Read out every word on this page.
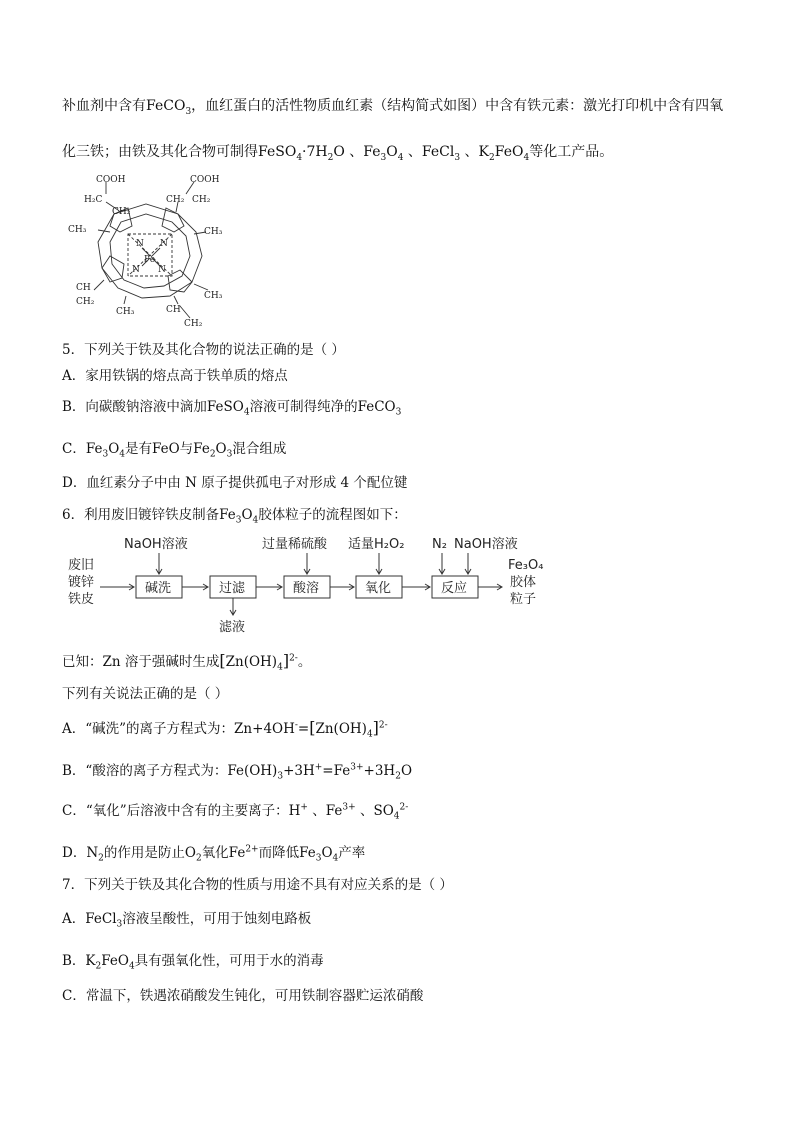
补血剂中含有FeCO$_3$，血红蛋白的活性物质血红素（结构简式如图）中含有铁元素：激光打印机中含有四氧
化三铁；由铁及其化合物可制得$FeSO_4\cdot 7H_2O$ 、$Fe_3O_4$ 、FeCl$_3$ 、$K_2FeO_4$等化工产品。
COOH	COOH
H₂C
CH₂
CH₂ CH₂
CH₃	CH₃
CH₃
CH₃
N N
N N
Fe
CH
CH₂
CH
CH₂
5．下列关于铁及其化合物的说法正确的是（ ）
A．家用铁锅的熔点高于铁单质的熔点
B．向碳酸钠溶液中滴加FeSO$_4$溶液可制得纯净的FeCO$_3$
C．$Fe_3O_4$是有FeO与$Fe_2O_3$混合组成
D．血红素分子中由 N 原子提供孤电子对形成 4 个配位键
6．利用废旧镀锌铁皮制备$Fe_3O_4$胶体粒子的流程图如下：
废旧
镀锌
铁皮
碱洗	过滤	酸溶	氧化	反应
NaOH溶液	过量稀硫酸 适量H₂O₂ N₂ NaOH溶液
滤液
Fe₃O₄
胶体
粒子
已知：Zn 溶于强碱时生成$[Zn(OH)_4]^{2-}$。
下列有关说法正确的是（ ）
A．“碱洗”的离子方程式为：$Zn+4OH^-=[Zn(OH)_4]^{2-}$
B．“酸溶的离子方程式为：$Fe(OH)_3+3H^+=Fe^{3+}+3H_2O$
C．“氧化”后溶液中含有的主要离子：H+ 、$Fe^{3+}$ 、$SO_4^{2-}$
D．$N_2$的作用是防止$O_2$氧化$Fe^{2+}$而降低$Fe_3O_4$产率
7．下列关于铁及其化合物的性质与用途不具有对应关系的是（ ）
A．FeCl$_3$溶液呈酸性，可用于蚀刻电路板
B．$K_2FeO_4$具有强氧化性，可用于水的消毒
C．常温下，铁遇浓硝酸发生钝化，可用铁制容器贮运浓硝酸
